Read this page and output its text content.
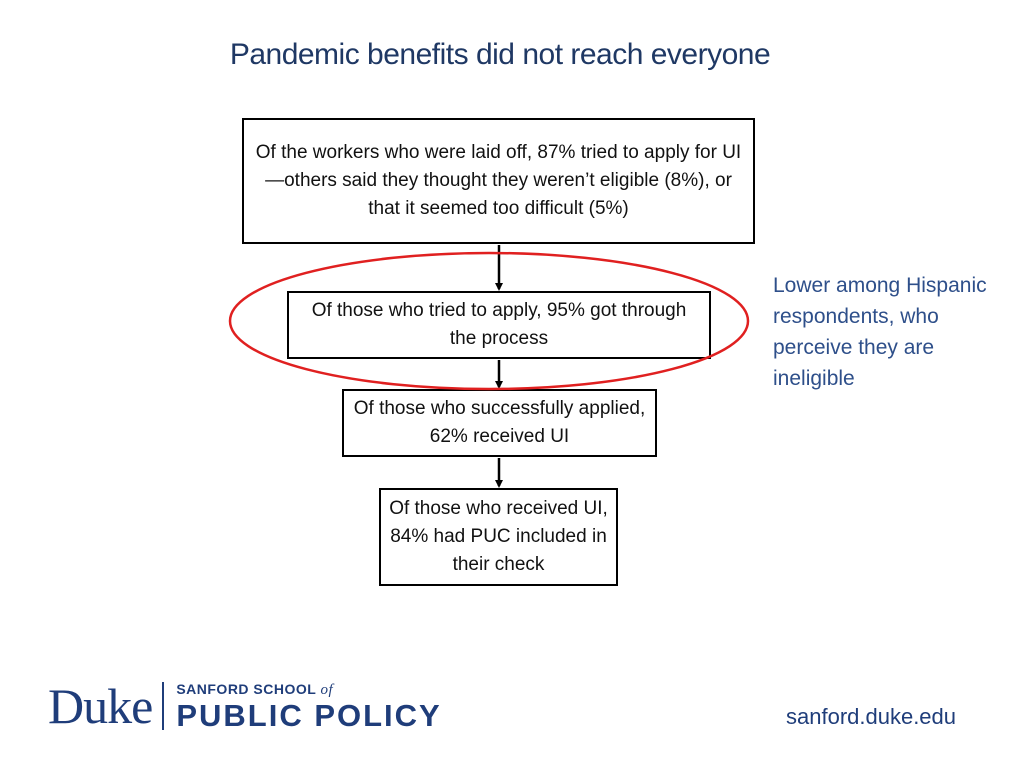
Pandemic benefits did not reach everyone
Of the workers who were laid off, 87% tried to apply for UI—others said they thought they weren’t eligible (8%), or that it seemed too difficult (5%)
Of those who tried to apply, 95% got through the process
Of those who successfully applied, 62% received UI
Of those who received UI, 84% had PUC included in their check
Lower among Hispanic respondents, who perceive they are ineligible
Duke SANFORD SCHOOL of
PUBLIC POLICY	sanford.duke.edu
